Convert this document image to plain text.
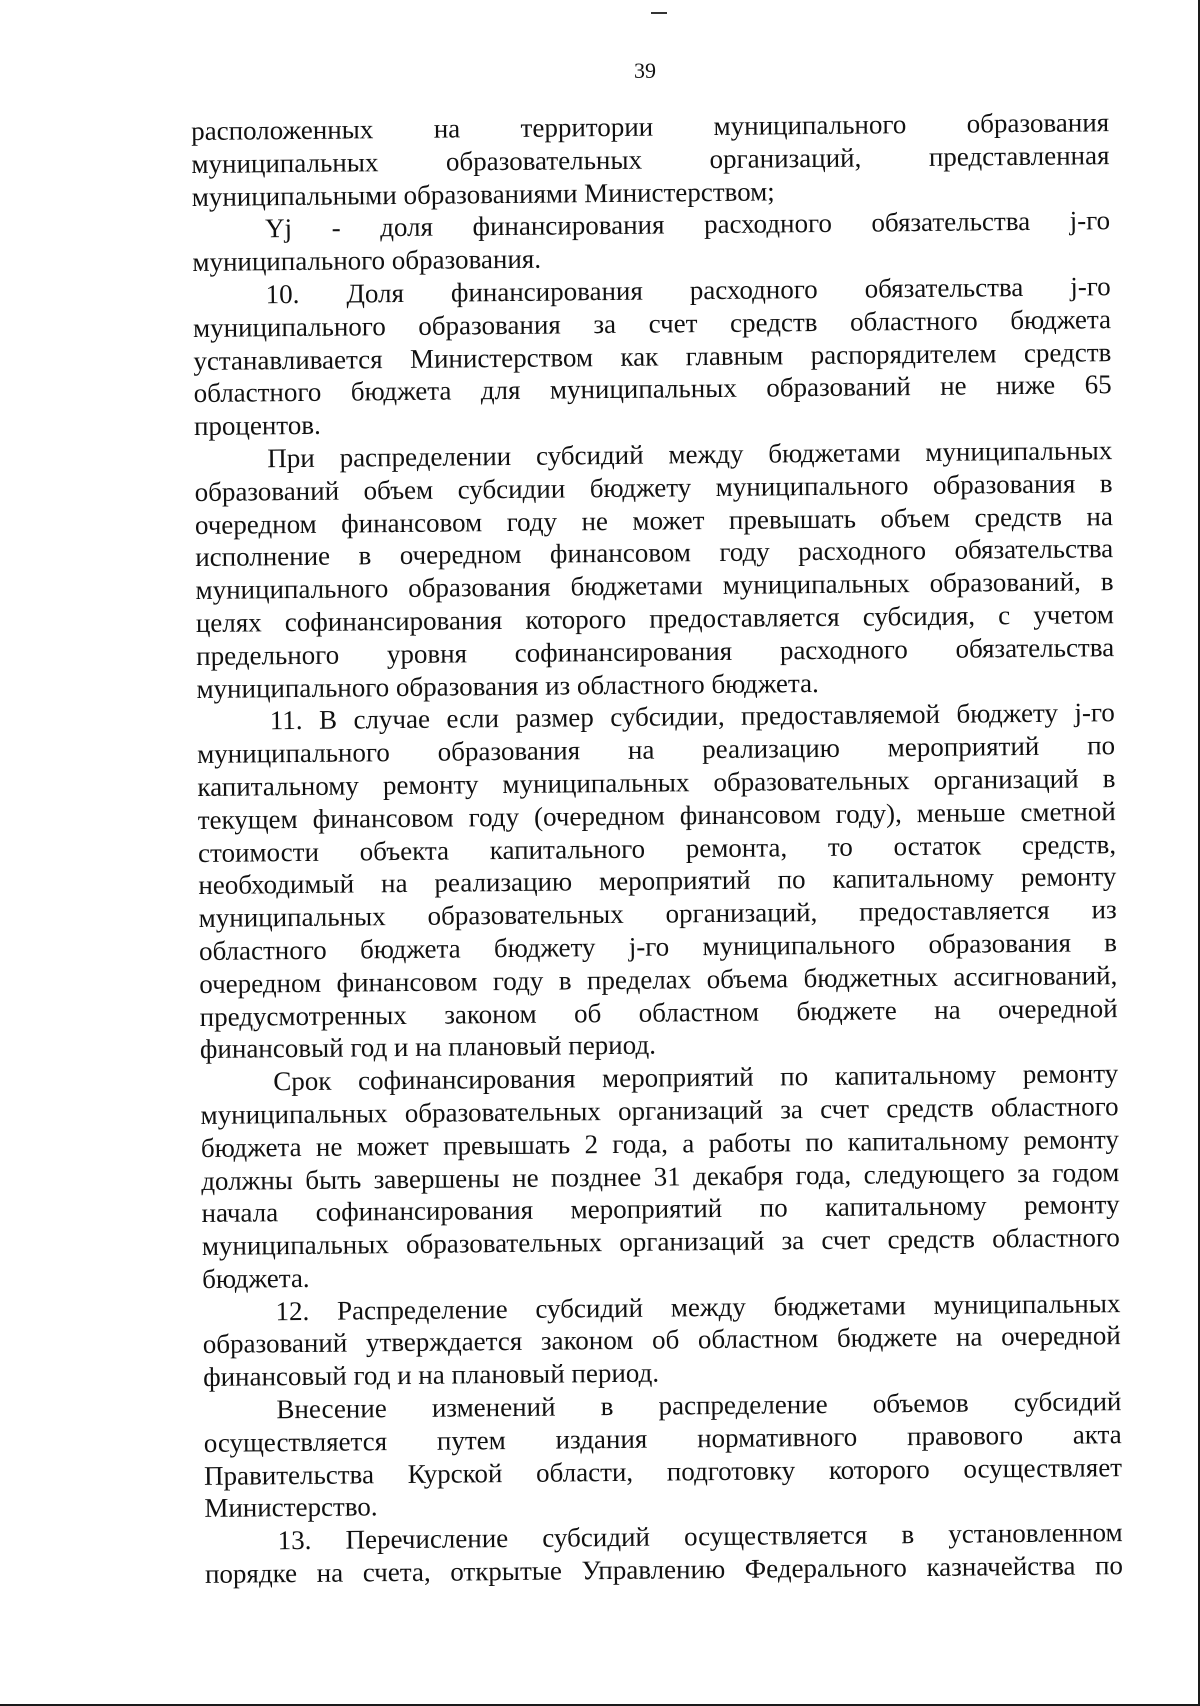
39
расположенных на территории муниципального образования
муниципальных образовательных организаций, представленная
муниципальными образованиями Министерством;
Yj - доля финансирования расходного обязательства j-го
муниципального образования.
10. Доля финансирования расходного обязательства j-го
муниципального образования за счет средств областного бюджета
устанавливается Министерством как главным распорядителем средств
областного бюджета для муниципальных образований не ниже 65
процентов.
При распределении субсидий между бюджетами муниципальных
образований объем субсидии бюджету муниципального образования в
очередном финансовом году не может превышать объем средств на
исполнение в очередном финансовом году расходного обязательства
муниципального образования бюджетами муниципальных образований, в
целях софинансирования которого предоставляется субсидия, с учетом
предельного уровня софинансирования расходного обязательства
муниципального образования из областного бюджета.
11. В случае если размер субсидии, предоставляемой бюджету j-го
муниципального образования на реализацию мероприятий по
капитальному ремонту муниципальных образовательных организаций в
текущем финансовом году (очередном финансовом году), меньше сметной
стоимости объекта капитального ремонта, то остаток средств,
необходимый на реализацию мероприятий по капитальному ремонту
муниципальных образовательных организаций, предоставляется из
областного бюджета бюджету j-го муниципального образования в
очередном финансовом году в пределах объема бюджетных ассигнований,
предусмотренных законом об областном бюджете на очередной
финансовый год и на плановый период.
Срок софинансирования мероприятий по капитальному ремонту
муниципальных образовательных организаций за счет средств областного
бюджета не может превышать 2 года, а работы по капитальному ремонту
должны быть завершены не позднее 31 декабря года, следующего за годом
начала софинансирования мероприятий по капитальному ремонту
муниципальных образовательных организаций за счет средств областного
бюджета.
12. Распределение субсидий между бюджетами муниципальных
образований утверждается законом об областном бюджете на очередной
финансовый год и на плановый период.
Внесение изменений в распределение объемов субсидий
осуществляется путем издания нормативного правового акта
Правительства Курской области, подготовку которого осуществляет
Министерство.
13. Перечисление субсидий осуществляется в установленном
порядке на счета, открытые Управлению Федерального казначейства по
